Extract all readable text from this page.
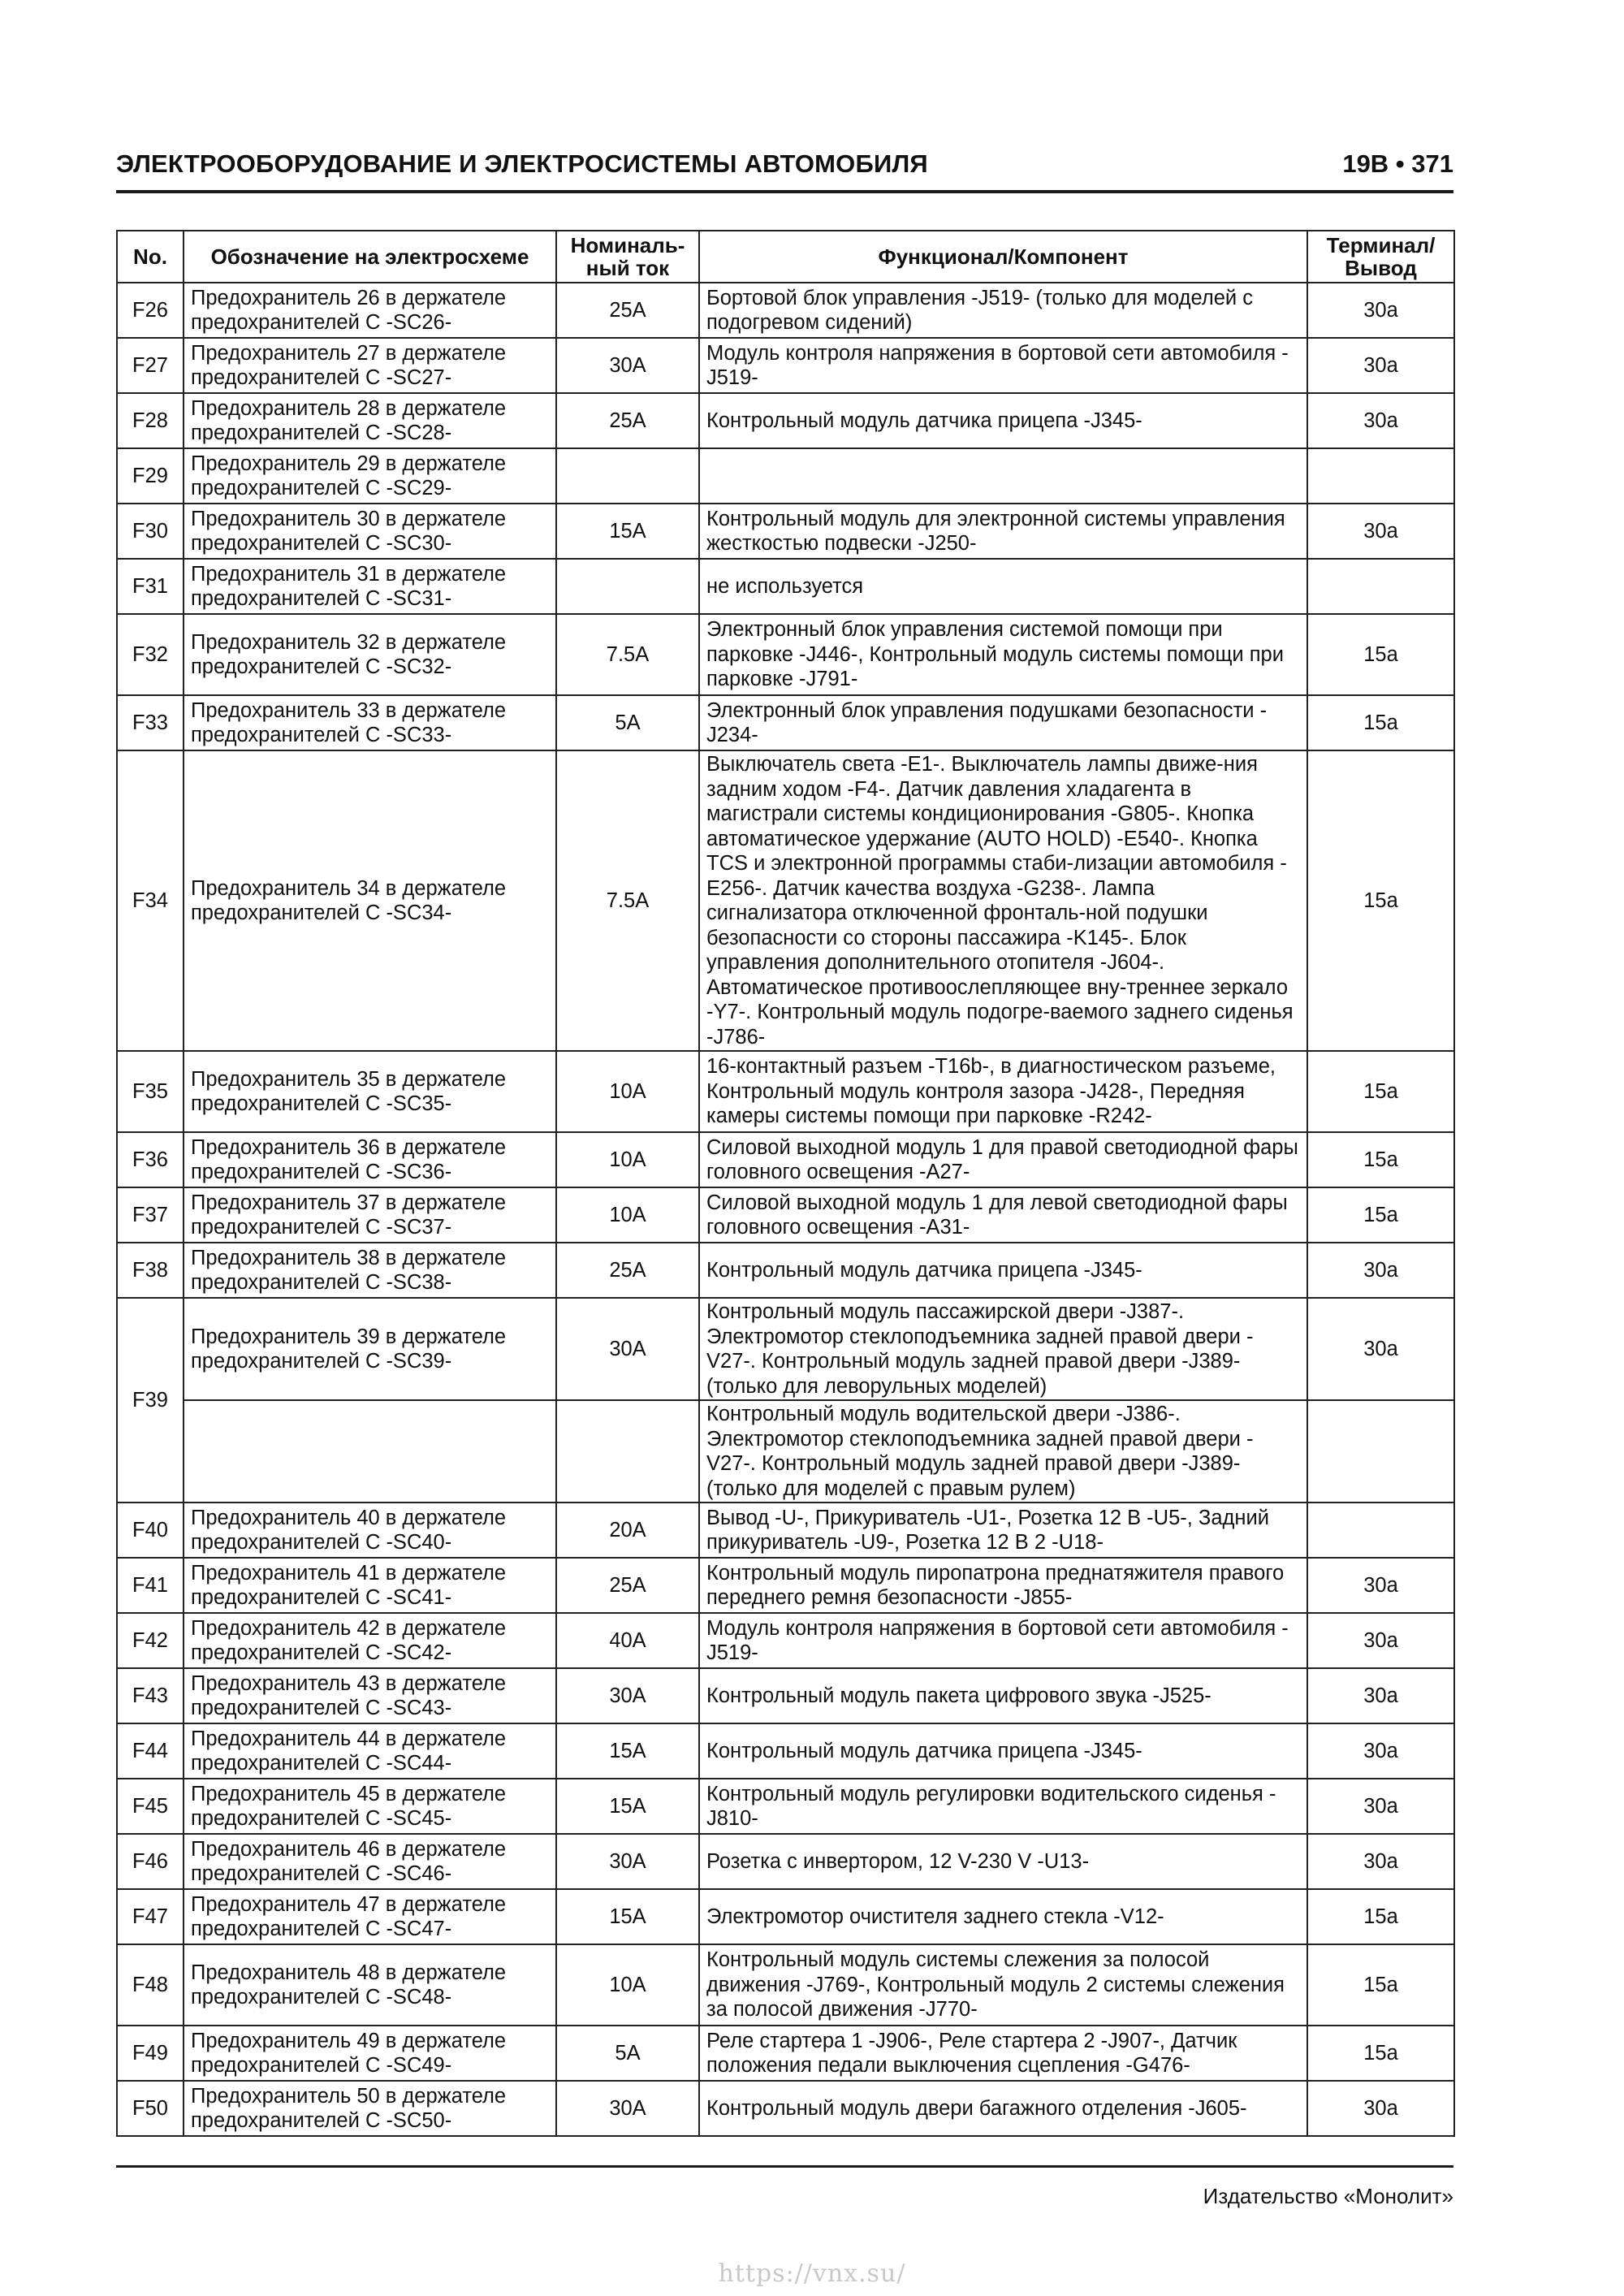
ЭЛЕКТРООБОРУДОВАНИЕ И ЭЛЕКТРОСИСТЕМЫ АВТОМОБИЛЯ	19В • 371
No.	Обозначение на электросхеме	Номиналь-ный ток	Функционал/Компонент	Терминал/ Вывод
F26	Предохранитель 26 в держателе предохранителей С -SC26-	25А	Бортовой блок управления -J519- (только для моделей с подогревом сидений)	30а
F27	Предохранитель 27 в держателе предохранителей С -SC27-	30А	Модуль контроля напряжения в бортовой сети автомобиля -J519-	30а
F28	Предохранитель 28 в держателе предохранителей С -SC28-	25А	Контрольный модуль датчика прицепа -J345-	30а
F29	Предохранитель 29 в держателе предохранителей С -SC29-			
F30	Предохранитель 30 в держателе предохранителей С -SC30-	15А	Контрольный модуль для электронной системы управления жесткостью подвески -J250-	30а
F31	Предохранитель 31 в держателе предохранителей С -SC31-		не используется	
F32	Предохранитель 32 в держателе предохранителей С -SC32-	7.5А	Электронный блок управления системой помощи при парковке -J446-, Контрольный модуль системы помощи при парковке -J791-	15а
F33	Предохранитель 33 в держателе предохранителей С -SC33-	5А	Электронный блок управления подушками безопасности -J234-	15а
F34	Предохранитель 34 в держателе предохранителей С -SC34-	7.5А	Выключатель света -E1-. Выключатель лампы движе-ния задним ходом -F4-. Датчик давления хладагента в магистрали системы кондиционирования -G805-. Кнопка автоматическое удержание (AUTO HOLD) -E540-. Кнопка TCS и электронной программы стаби-лизации автомобиля -E256-. Датчик качества воздуха -G238-. Лампа сигнализатора отключенной фронталь-ной подушки безопасности со стороны пассажира -K145-. Блок управления дополнительного отопителя -J604-. Автоматическое противоослепляющее вну-треннее зеркало -Y7-. Контрольный модуль подогре-ваемого заднего сиденья -J786-	15а
F35	Предохранитель 35 в держателе предохранителей С -SC35-	10А	16-контактный разъем -T16b-, в диагностическом разъеме, Контрольный модуль контроля зазора -J428-, Передняя камеры системы помощи при парковке -R242-	15а
F36	Предохранитель 36 в держателе предохранителей С -SC36-	10А	Силовой выходной модуль 1 для правой светодиодной фары головного освещения -A27-	15а
F37	Предохранитель 37 в держателе предохранителей С -SC37-	10А	Силовой выходной модуль 1 для левой светодиодной фары головного освещения -A31-	15а
F38	Предохранитель 38 в держателе предохранителей С -SC38-	25А	Контрольный модуль датчика прицепа -J345-	30а
F39	Предохранитель 39 в держателе предохранителей С -SC39-	30А	Контрольный модуль пассажирской двери -J387-. Электромотор стеклоподъемника задней правой двери -V27-. Контрольный модуль задней правой двери -J389- (только для леворульных моделей)	30а
			Контрольный модуль водительской двери -J386-. Электромотор стеклоподъемника задней правой двери -V27-. Контрольный модуль задней правой двери -J389- (только для моделей с правым рулем)	
F40	Предохранитель 40 в держателе предохранителей С -SC40-	20А	Вывод -U-, Прикуриватель -U1-, Розетка 12 В -U5-, Задний прикуриватель -U9-, Розетка 12 В 2 -U18-	
F41	Предохранитель 41 в держателе предохранителей С -SC41-	25А	Контрольный модуль пиропатрона преднатяжителя правого переднего ремня безопасности -J855-	30а
F42	Предохранитель 42 в держателе предохранителей С -SC42-	40А	Модуль контроля напряжения в бортовой сети автомобиля -J519-	30а
F43	Предохранитель 43 в держателе предохранителей С -SC43-	30А	Контрольный модуль пакета цифрового звука -J525-	30а
F44	Предохранитель 44 в держателе предохранителей С -SC44-	15А	Контрольный модуль датчика прицепа -J345-	30а
F45	Предохранитель 45 в держателе предохранителей С -SC45-	15А	Контрольный модуль регулировки водительского сиденья -J810-	30а
F46	Предохранитель 46 в держателе предохранителей С -SC46-	30А	Розетка с инвертором, 12 V-230 V -U13-	30а
F47	Предохранитель 47 в держателе предохранителей С -SC47-	15А	Электромотор очистителя заднего стекла -V12-	15а
F48	Предохранитель 48 в держателе предохранителей С -SC48-	10А	Контрольный модуль системы слежения за полосой движения -J769-, Контрольный модуль 2 системы слежения за полосой движения -J770-	15а
F49	Предохранитель 49 в держателе предохранителей С -SC49-	5А	Реле стартера 1 -J906-, Реле стартера 2 -J907-, Датчик положения педали выключения сцепления -G476-	15а
F50	Предохранитель 50 в держателе предохранителей С -SC50-	30А	Контрольный модуль двери багажного отделения -J605-	30а
Издательство «Монолит»
https://vnx.su/
